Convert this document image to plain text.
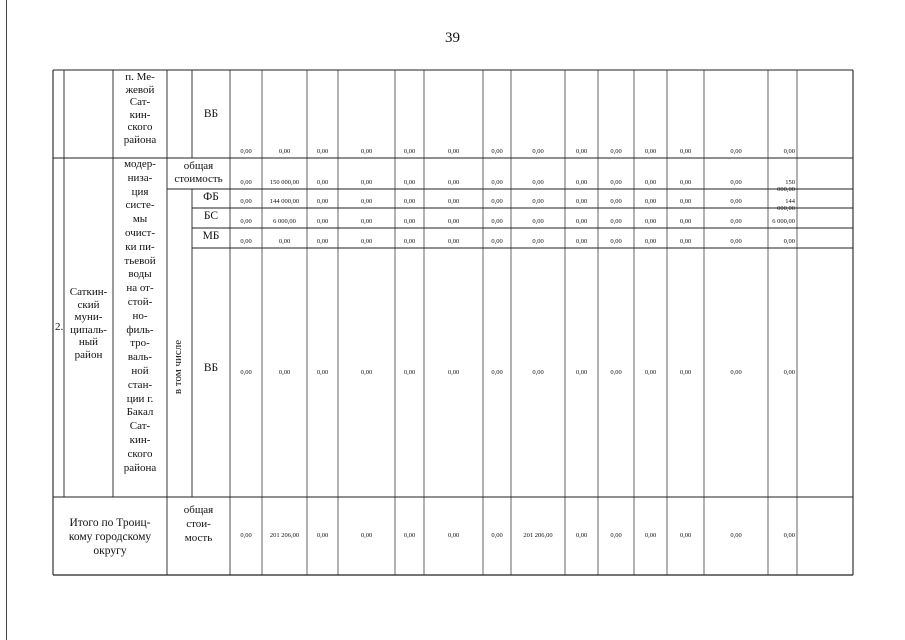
39
п. Ме-
жевой
Сат-
кин-
ского
района
ВБ
0,00	0,00	0,00	0,00	0,00	0,00	0,00	0,00	0,00	0,00	0,00	0,00	0,00	0,00
2.
Саткин-
ский
муни-
ципаль-
ный
район
модер-
низа-
ция
систе-
мы
очист-
ки пи-
тьевой
воды
на от-
стой-
но-
филь-
тро-
валь-
ной
стан-
ции г.
Бакал
Сат-
кин-
ского
района
общая
стоимость	0,00	150 000,00	0,00	0,00	0,00	0,00	0,00	0,00	0,00	0,00	0,00	0,00	0,00	150 000,00
ФБ	0,00	144 000,00	0,00	0,00	0,00	0,00	0,00	0,00	0,00	0,00	0,00	0,00	0,00	144 000,00
БС	0,00	6 000,00	0,00	0,00	0,00	0,00	0,00	0,00	0,00	0,00	0,00	0,00	0,00	6 000,00
МБ	0,00	0,00	0,00	0,00	0,00	0,00	0,00	0,00	0,00	0,00	0,00	0,00	0,00	0,00
ВБ	0,00	0,00	0,00	0,00	0,00	0,00	0,00	0,00	0,00	0,00	0,00	0,00	0,00	0,00
в том числе
Итого по Троиц-
кому городскому
округу
общая
стои-
мость	0,00	201 206,00	0,00	0,00	0,00	0,00	0,00	201 206,00	0,00	0,00	0,00	0,00	0,00	0,00
